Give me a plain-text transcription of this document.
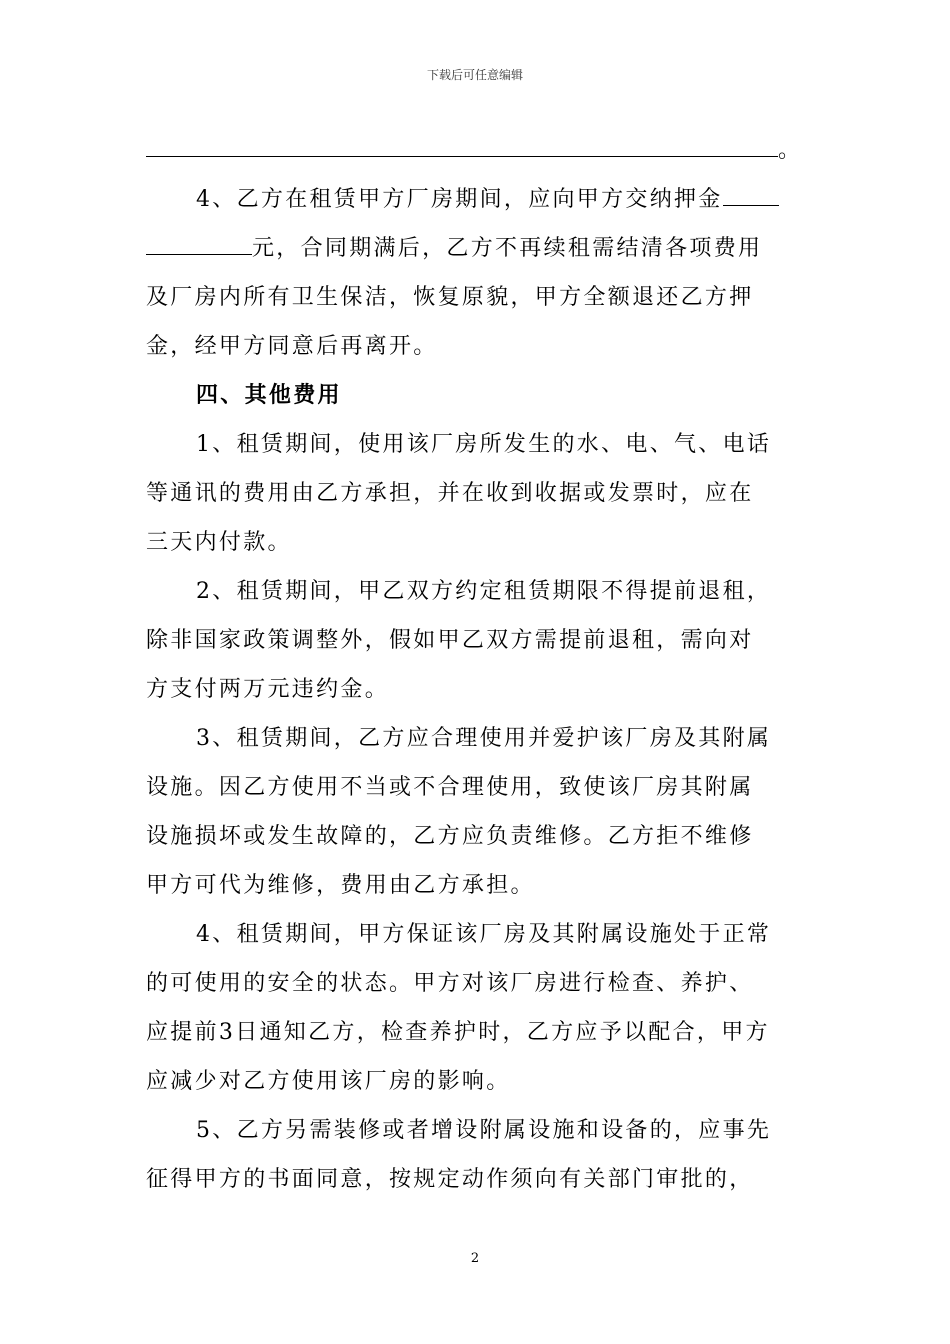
下载后可任意编辑
。
4、乙方在租赁甲方厂房期间，应向甲方交纳押金
元，合同期满后，乙方不再续租需结清各项费用
及厂房内所有卫生保洁，恢复原貌，甲方全额退还乙方押
金，经甲方同意后再离开。
四、其他费用
1、租赁期间，使用该厂房所发生的水、电、气、电话
等通讯的费用由乙方承担，并在收到收据或发票时，应在
三天内付款。
2、租赁期间，甲乙双方约定租赁期限不得提前退租，
除非国家政策调整外，假如甲乙双方需提前退租，需向对
方支付两万元违约金。
3、租赁期间，乙方应合理使用并爱护该厂房及其附属
设施。因乙方使用不当或不合理使用，致使该厂房其附属
设施损坏或发生故障的，乙方应负责维修。乙方拒不维修
甲方可代为维修，费用由乙方承担。
4、租赁期间，甲方保证该厂房及其附属设施处于正常
的可使用的安全的状态。甲方对该厂房进行检查、养护、
应提前3日通知乙方，检查养护时，乙方应予以配合，甲方
应减少对乙方使用该厂房的影响。
5、乙方另需装修或者增设附属设施和设备的，应事先
征得甲方的书面同意，按规定动作须向有关部门审批的，
2
